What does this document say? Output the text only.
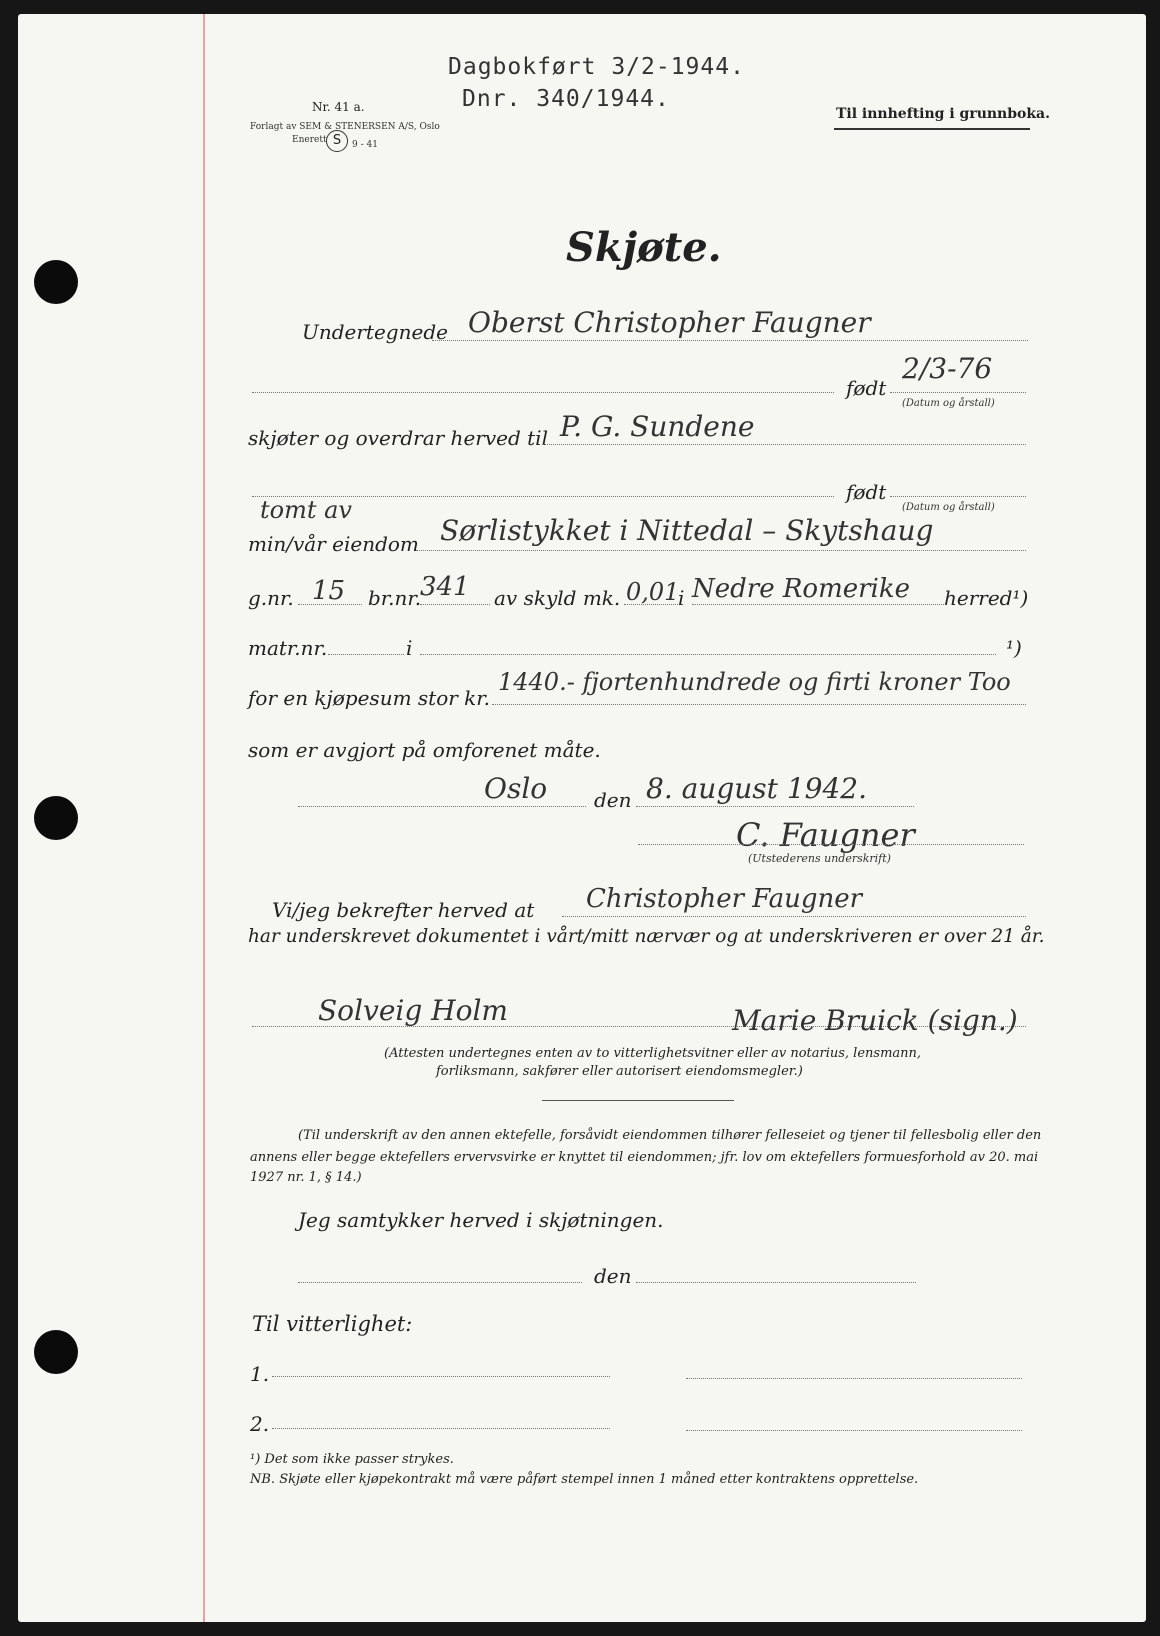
Dagbokført 3/2-1944.
Dnr. 340/1944.
Nr. 41 a.
Forlagt av SEM & STENERSEN A/S, Oslo
Enerett S	9 - 41
Til innhefting i grunnboka.
Skjøte.
Undertegnede Oberst Christopher Faugner
født
2/3-76
(Datum og årstall)
skjøter og overdrar herved til P. G. Sundene
født
(Datum og årstall)
tomt av
min/vår eiendom Sørlistykket i Nittedal – Skytshaug
g.nr. 15 br.nr.
341 av skyld mk. 0,01
i Nedre Romerike herred¹)
matr.nr.	i	¹)
for en kjøpesum stor kr.
1440.- fjortenhundrede og firti kroner Too
som er avgjort på omforenet måte.
Oslo den 8. august 1942.
C. Faugner
(Utstederens underskrift)
Vi/jeg bekrefter herved at Christopher Faugner
har underskrevet dokumentet i vårt/mitt nærvær og at underskriveren er over 21 år.
Solveig Holm	Marie Bruick (sign.)
(Attesten undertegnes enten av to vitterlighetsvitner eller av notarius, lensmann,
forliksmann, sakfører eller autorisert eiendomsmegler.)
(Til underskrift av den annen ektefelle, forsåvidt eiendommen tilhører felleseiet og tjener til fellesbolig eller den
annens eller begge ektefellers ervervsvirke er knyttet til eiendommen; jfr. lov om ektefellers formuesforhold av 20. mai
1927 nr. 1, § 14.)
Jeg samtykker herved i skjøtningen.
den
Til vitterlighet:
1.
2.
¹) Det som ikke passer strykes.
NB. Skjøte eller kjøpekontrakt må være påført stempel innen 1 måned etter kontraktens opprettelse.
